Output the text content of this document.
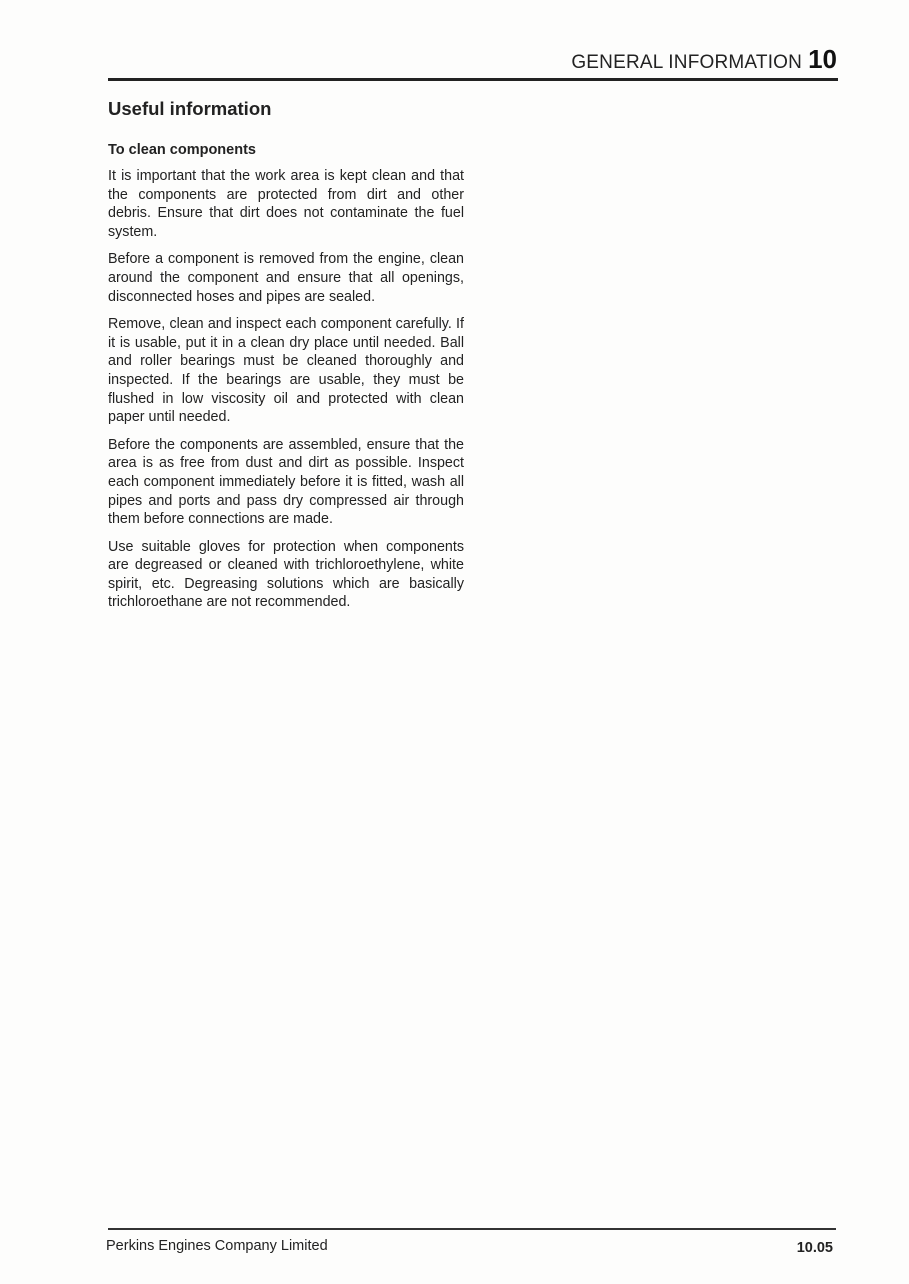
GENERAL INFORMATION 10
Useful information
To clean components

It is important that the work area is kept clean and that the components are protected from dirt and other debris. Ensure that dirt does not contaminate the fuel system.

Before a component is removed from the engine, clean around the component and ensure that all openings, disconnected hoses and pipes are sealed.

Remove, clean and inspect each component carefully. If it is usable, put it in a clean dry place until needed. Ball and roller bearings must be cleaned thoroughly and inspected. If the bearings are usable, they must be flushed in low viscosity oil and protected with clean paper until needed.

Before the components are assembled, ensure that the area is as free from dust and dirt as possible. Inspect each component immediately before it is fitted, wash all pipes and ports and pass dry compressed air through them before connections are made.

Use suitable gloves for protection when components are degreased or cleaned with trichloroethylene, white spirit, etc. Degreasing solutions which are basically trichloroethane are not recommended.

Perkins Engines Company Limited	10.05
